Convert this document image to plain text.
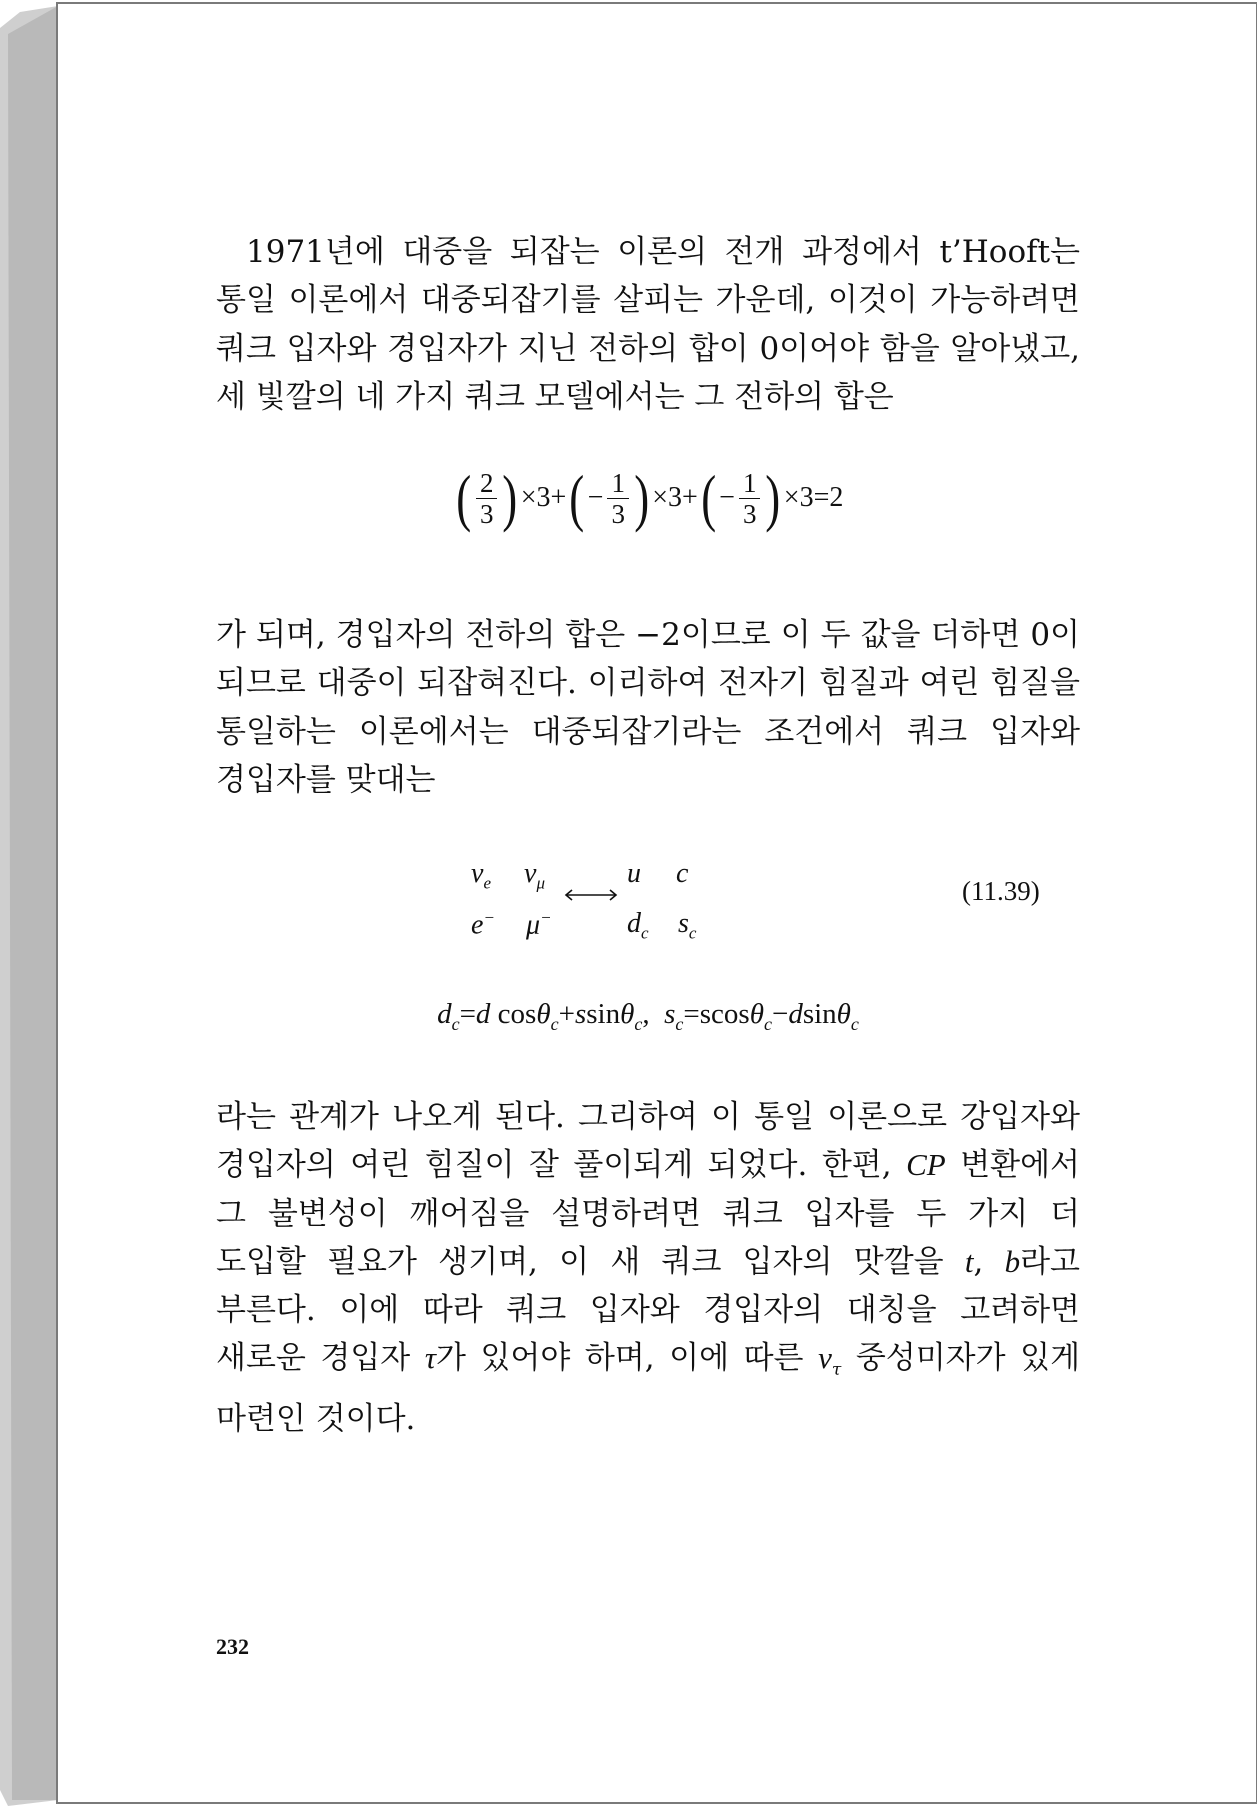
1971년에 대중을 되잡는 이론의 전개 과정에서 t’Hooft는 통일 이론에서 대중되잡기를 살피는 가운데, 이것이 가능하려면 쿼크 입자와 경입자가 지닌 전하의 합이 0이어야 함을 알아냈고, 세 빛깔의 네 가지 쿼크 모델에서는 그 전하의 합은

( $\frac{2}{3}$ ) $\times 3+( - \frac{1}{3}$ ) $\times 3+( - \frac{1}{3}$ ) ×3=2

가 되며, 경입자의 전하의 합은 −2이므로 이 두 값을 더하면 0이 되므로 대중이 되잡혀진다. 이리하여 전자기 힘질과 여린 힘질을 통일하는 이론에서는 대중되잡기라는 조건에서 쿼크 입자와 경입자를 맞대는

$\nu_e$ $\nu_\mu$	u c
e− μ−	$d_c$ $s_c$
(11.39)
$d_c=d$ cosθ$_c$+ssinθ$_c$,  $s_c=scos\theta_c-dsin\theta_c$

라는 관계가 나오게 된다. 그리하여 이 통일 이론으로 강입자와 경입자의 여린 힘질이 잘 풀이되게 되었다. 한편, CP 변환에서 그 불변성이 깨어짐을 설명하려면 쿼크 입자를 두 가지 더 도입할 필요가 생기며, 이 새 쿼크 입자의 맛깔을 t, b라고 부른다. 이에 따라 쿼크 입자와 경입자의 대칭을 고려하면 새로운 경입자 τ가 있어야 하며, 이에 따른 $\nu_\tau$ 중성미자가 있게 마련인 것이다.

232
